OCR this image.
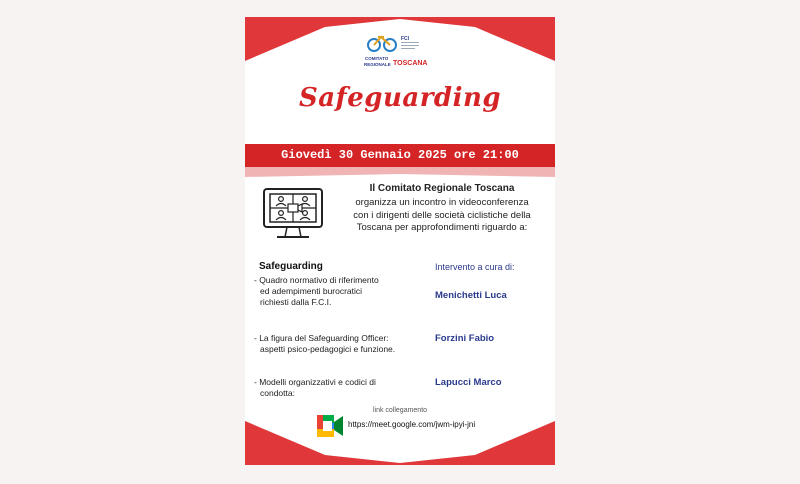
FCI
COMITATO
REGIONALE TOSCANA
Safeguarding
Giovedì 30 Gennaio 2025 ore 21:00
Il Comitato Regionale Toscana
organizza un incontro in videoconferenza
con i dirigenti delle società ciclistiche della
Toscana per approfondimenti riguardo a:
Safeguarding	Intervento a cura di:
- Quadro normativo di riferimento
ed adempimenti burocratici
richiesti dalla F.C.I.
Menichetti Luca
- La figura del Safeguarding Officer:
aspetti psico-pedagogici e funzione.
Forzini Fabio
- Modelli organizzativi e codici di
condotta:
Lapucci Marco
link collegamento
https://meet.google.com/jwm-ipyi-jni
